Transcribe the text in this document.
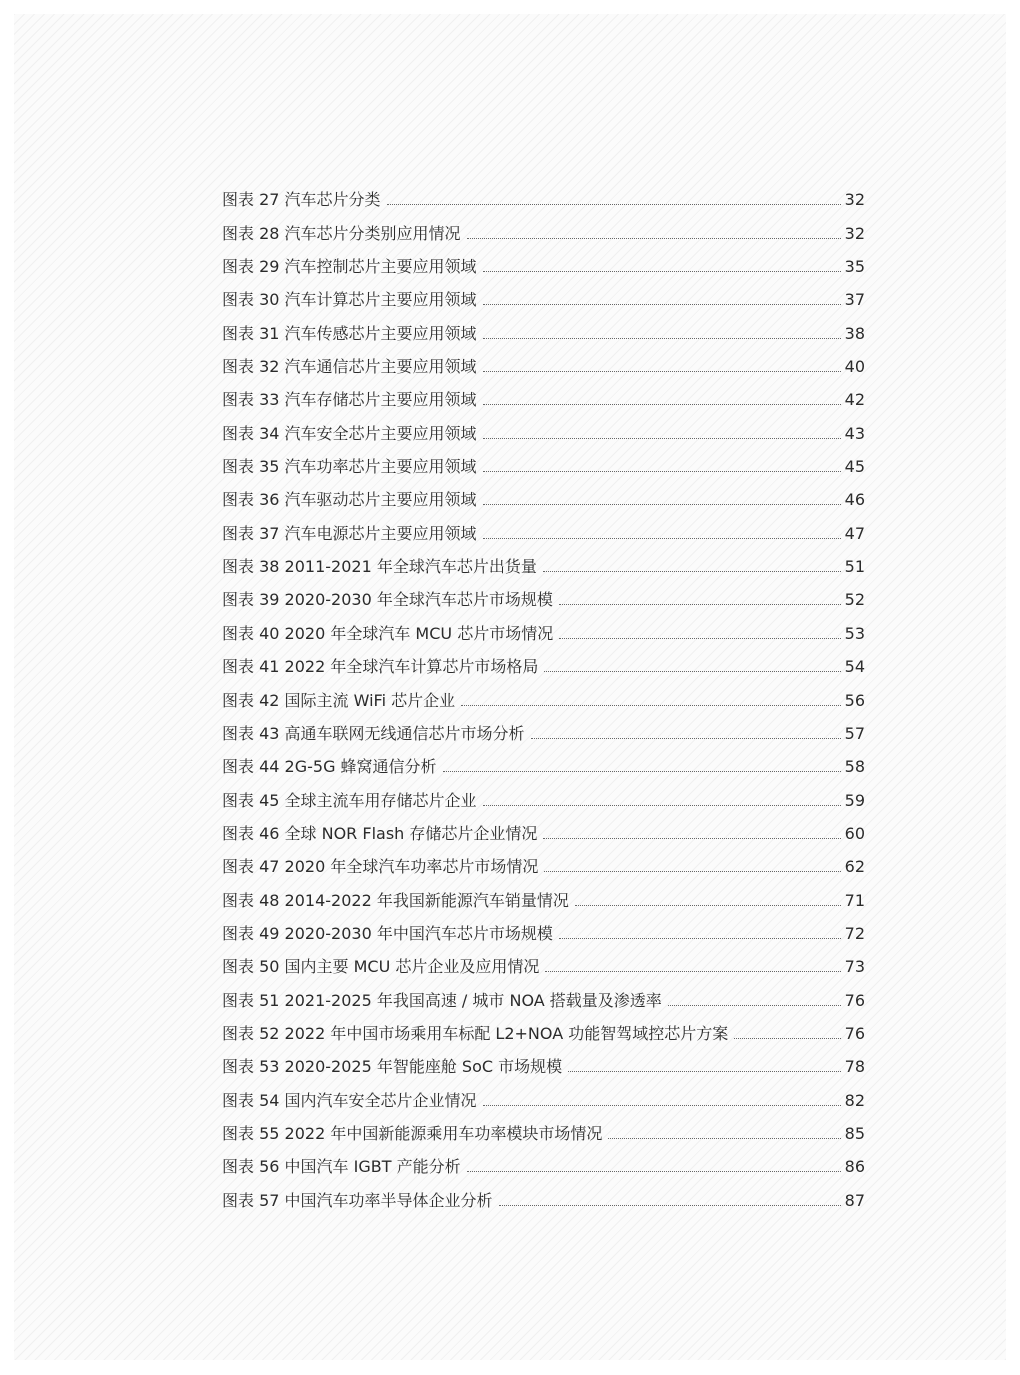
图表 27 汽车芯片分类	32
图表 28 汽车芯片分类别应用情况	32
图表 29 汽车控制芯片主要应用领域	35
图表 30 汽车计算芯片主要应用领域	37
图表 31 汽车传感芯片主要应用领域	38
图表 32 汽车通信芯片主要应用领域	40
图表 33 汽车存储芯片主要应用领域	42
图表 34 汽车安全芯片主要应用领域	43
图表 35 汽车功率芯片主要应用领域	45
图表 36 汽车驱动芯片主要应用领域	46
图表 37 汽车电源芯片主要应用领域	47
图表 38 2011-2021 年全球汽车芯片出货量	51
图表 39 2020-2030 年全球汽车芯片市场规模	52
图表 40 2020 年全球汽车 MCU 芯片市场情况	53
图表 41 2022 年全球汽车计算芯片市场格局	54
图表 42 国际主流 WiFi 芯片企业	56
图表 43 高通车联网无线通信芯片市场分析	57
图表 44 2G-5G 蜂窝通信分析	58
图表 45 全球主流车用存储芯片企业	59
图表 46 全球 NOR Flash 存储芯片企业情况	60
图表 47 2020 年全球汽车功率芯片市场情况	62
图表 48 2014-2022 年我国新能源汽车销量情况	71
图表 49 2020-2030 年中国汽车芯片市场规模	72
图表 50 国内主要 MCU 芯片企业及应用情况	73
图表 51 2021-2025 年我国高速 / 城市 NOA 搭载量及渗透率	76
图表 52 2022 年中国市场乘用车标配 L2+NOA 功能智驾域控芯片方案	76
图表 53 2020-2025 年智能座舱 SoC 市场规模	78
图表 54 国内汽车安全芯片企业情况	82
图表 55 2022 年中国新能源乘用车功率模块市场情况	85
图表 56 中国汽车 IGBT 产能分析	86
图表 57 中国汽车功率半导体企业分析	87
